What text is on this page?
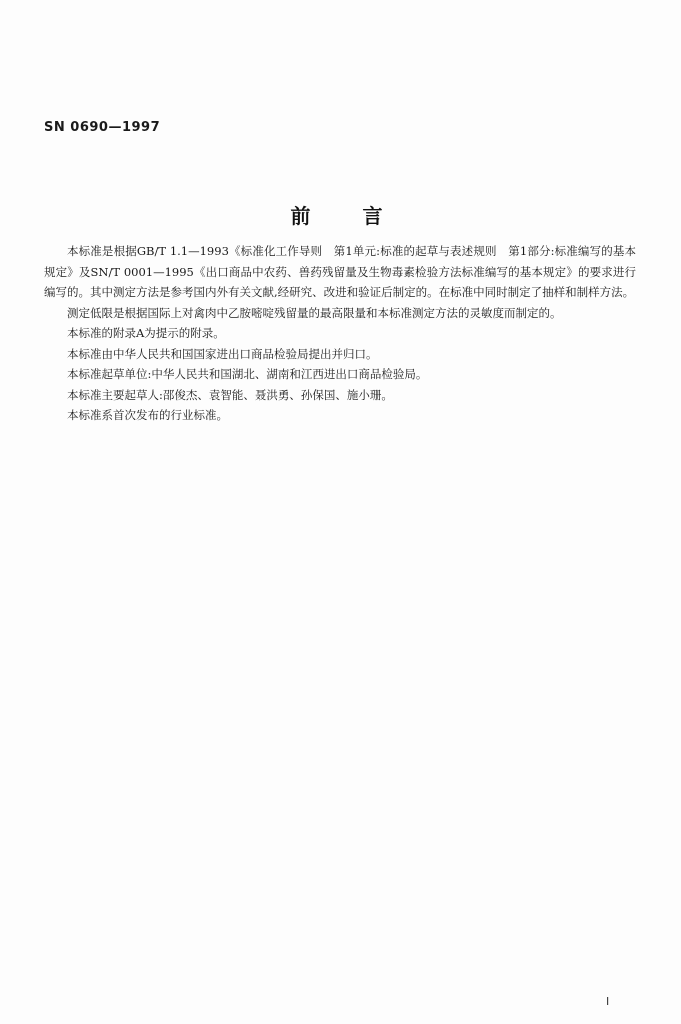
SN 0690—1997
前言

本标准是根据GB/T 1.1—1993《标准化工作导则　第1单元:标准的起草与表述规则　第1部分:标准编写的基本规定》及SN/T 0001—1995《出口商品中农药、兽药残留量及生物毒素检验方法标准编写的基本规定》的要求进行编写的。其中测定方法是参考国内外有关文献,经研究、改进和验证后制定的。在标准中同时制定了抽样和制样方法。

测定低限是根据国际上对禽肉中乙胺嘧啶残留量的最高限量和本标准测定方法的灵敏度而制定的。

本标准的附录A为提示的附录。

本标准由中华人民共和国国家进出口商品检验局提出并归口。

本标准起草单位:中华人民共和国湖北、湖南和江西进出口商品检验局。

本标准主要起草人:邵俊杰、袁智能、聂洪勇、孙保国、施小珊。

本标准系首次发布的行业标准。

I
